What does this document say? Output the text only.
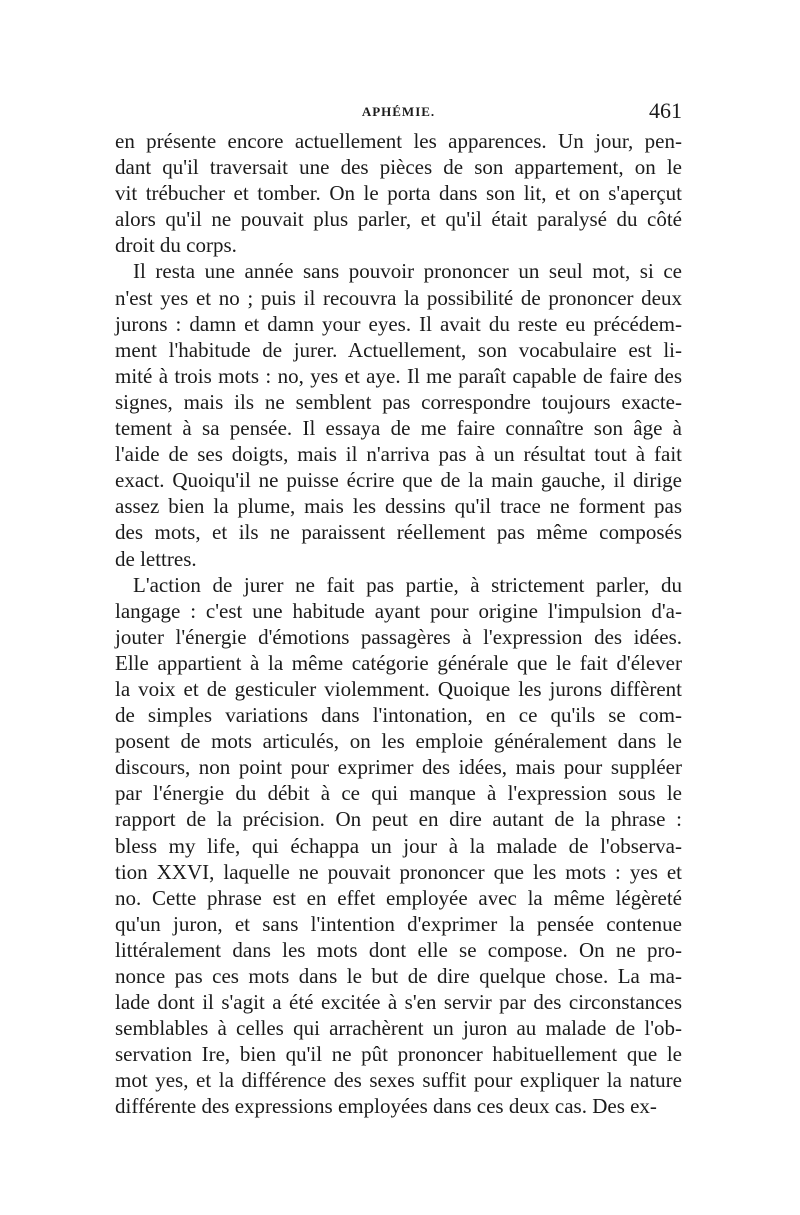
APHÉMIE.	461
en présente encore actuellement les apparences. Un jour, pen-
dant qu'il traversait une des pièces de son appartement, on le
vit trébucher et tomber. On le porta dans son lit, et on s'aperçut
alors qu'il ne pouvait plus parler, et qu'il était paralysé du côté
droit du corps.
Il resta une année sans pouvoir prononcer un seul mot, si ce
n'est yes et no ; puis il recouvra la possibilité de prononcer deux
jurons : damn et damn your eyes. Il avait du reste eu précédem-
ment l'habitude de jurer. Actuellement, son vocabulaire est li-
mité à trois mots : no, yes et aye. Il me paraît capable de faire des
signes, mais ils ne semblent pas correspondre toujours exacte-
tement à sa pensée. Il essaya de me faire connaître son âge à
l'aide de ses doigts, mais il n'arriva pas à un résultat tout à fait
exact. Quoiqu'il ne puisse écrire que de la main gauche, il dirige
assez bien la plume, mais les dessins qu'il trace ne forment pas
des mots, et ils ne paraissent réellement pas même composés
de lettres.
L'action de jurer ne fait pas partie, à strictement parler, du
langage : c'est une habitude ayant pour origine l'impulsion d'a-
jouter l'énergie d'émotions passagères à l'expression des idées.
Elle appartient à la même catégorie générale que le fait d'élever
la voix et de gesticuler violemment. Quoique les jurons diffèrent
de simples variations dans l'intonation, en ce qu'ils se com-
posent de mots articulés, on les emploie généralement dans le
discours, non point pour exprimer des idées, mais pour suppléer
par l'énergie du débit à ce qui manque à l'expression sous le
rapport de la précision. On peut en dire autant de la phrase :
bless my life, qui échappa un jour à la malade de l'observa-
tion XXVI, laquelle ne pouvait prononcer que les mots : yes et
no. Cette phrase est en effet employée avec la même légèreté
qu'un juron, et sans l'intention d'exprimer la pensée contenue
littéralement dans les mots dont elle se compose. On ne pro-
nonce pas ces mots dans le but de dire quelque chose. La ma-
lade dont il s'agit a été excitée à s'en servir par des circonstances
semblables à celles qui arrachèrent un juron au malade de l'ob-
servation Ire, bien qu'il ne pût prononcer habituellement que le
mot yes, et la différence des sexes suffit pour expliquer la nature
différente des expressions employées dans ces deux cas. Des ex-
